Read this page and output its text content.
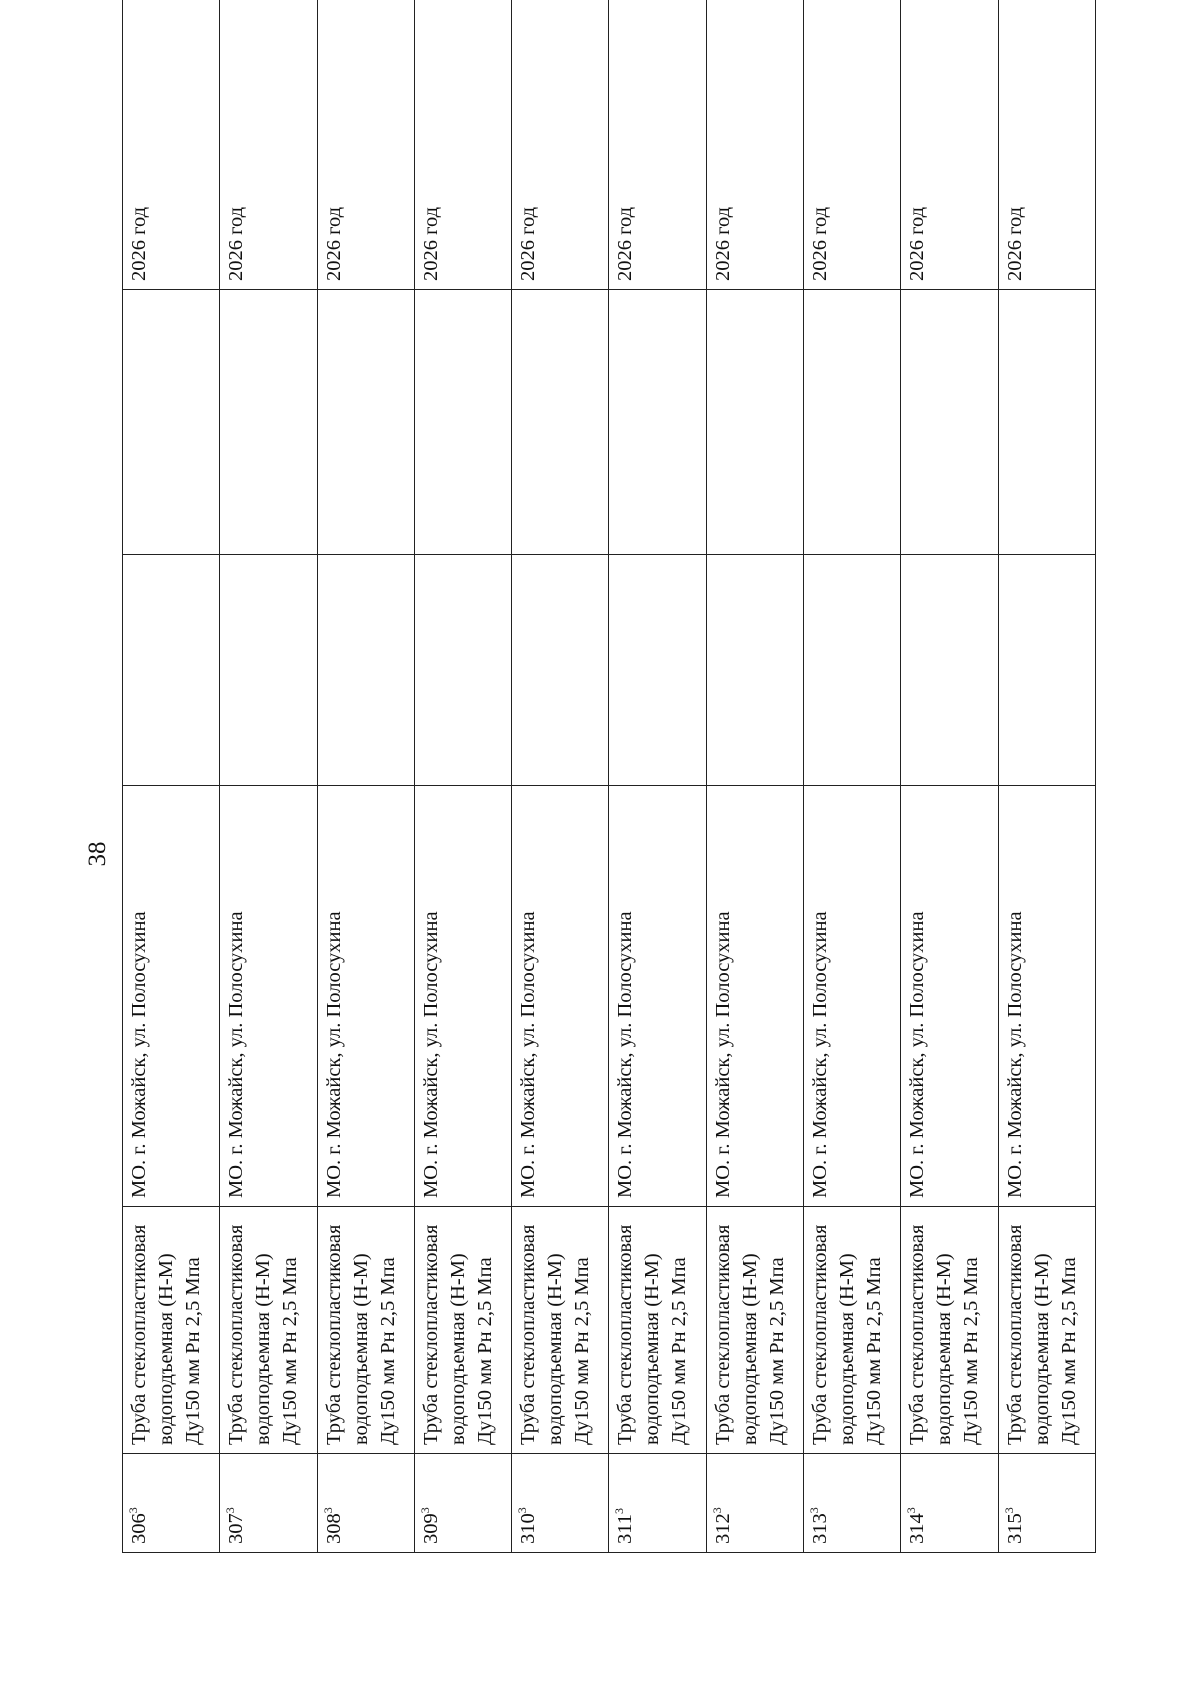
38
$306^3$	Труба стеклопластиковая водоподъемная (Н-М) Ду150 мм Рн 2,5 Мпа	МО. г. Можайск, ул. Полосухина			2026 год
$307^3$	Труба стеклопластиковая водоподъемная (Н-М) Ду150 мм Рн 2,5 Мпа	МО. г. Можайск, ул. Полосухина			2026 год
$308^3$	Труба стеклопластиковая водоподъемная (Н-М) Ду150 мм Рн 2,5 Мпа	МО. г. Можайск, ул. Полосухина			2026 год
$309^3$	Труба стеклопластиковая водоподъемная (Н-М) Ду150 мм Рн 2,5 Мпа	МО. г. Можайск, ул. Полосухина			2026 год
$310^3$	Труба стеклопластиковая водоподъемная (Н-М) Ду150 мм Рн 2,5 Мпа	МО. г. Можайск, ул. Полосухина			2026 год
$311^3$	Труба стеклопластиковая водоподъемная (Н-М) Ду150 мм Рн 2,5 Мпа	МО. г. Можайск, ул. Полосухина			2026 год
$312^3$	Труба стеклопластиковая водоподъемная (Н-М) Ду150 мм Рн 2,5 Мпа	МО. г. Можайск, ул. Полосухина			2026 год
$313^3$	Труба стеклопластиковая водоподъемная (Н-М) Ду150 мм Рн 2,5 Мпа	МО. г. Можайск, ул. Полосухина			2026 год
$314^3$	Труба стеклопластиковая водоподъемная (Н-М) Ду150 мм Рн 2,5 Мпа	МО. г. Можайск, ул. Полосухина			2026 год
$315^3$	Труба стеклопластиковая водоподъемная (Н-М) Ду150 мм Рн 2,5 Мпа	МО. г. Можайск, ул. Полосухина			2026 год
